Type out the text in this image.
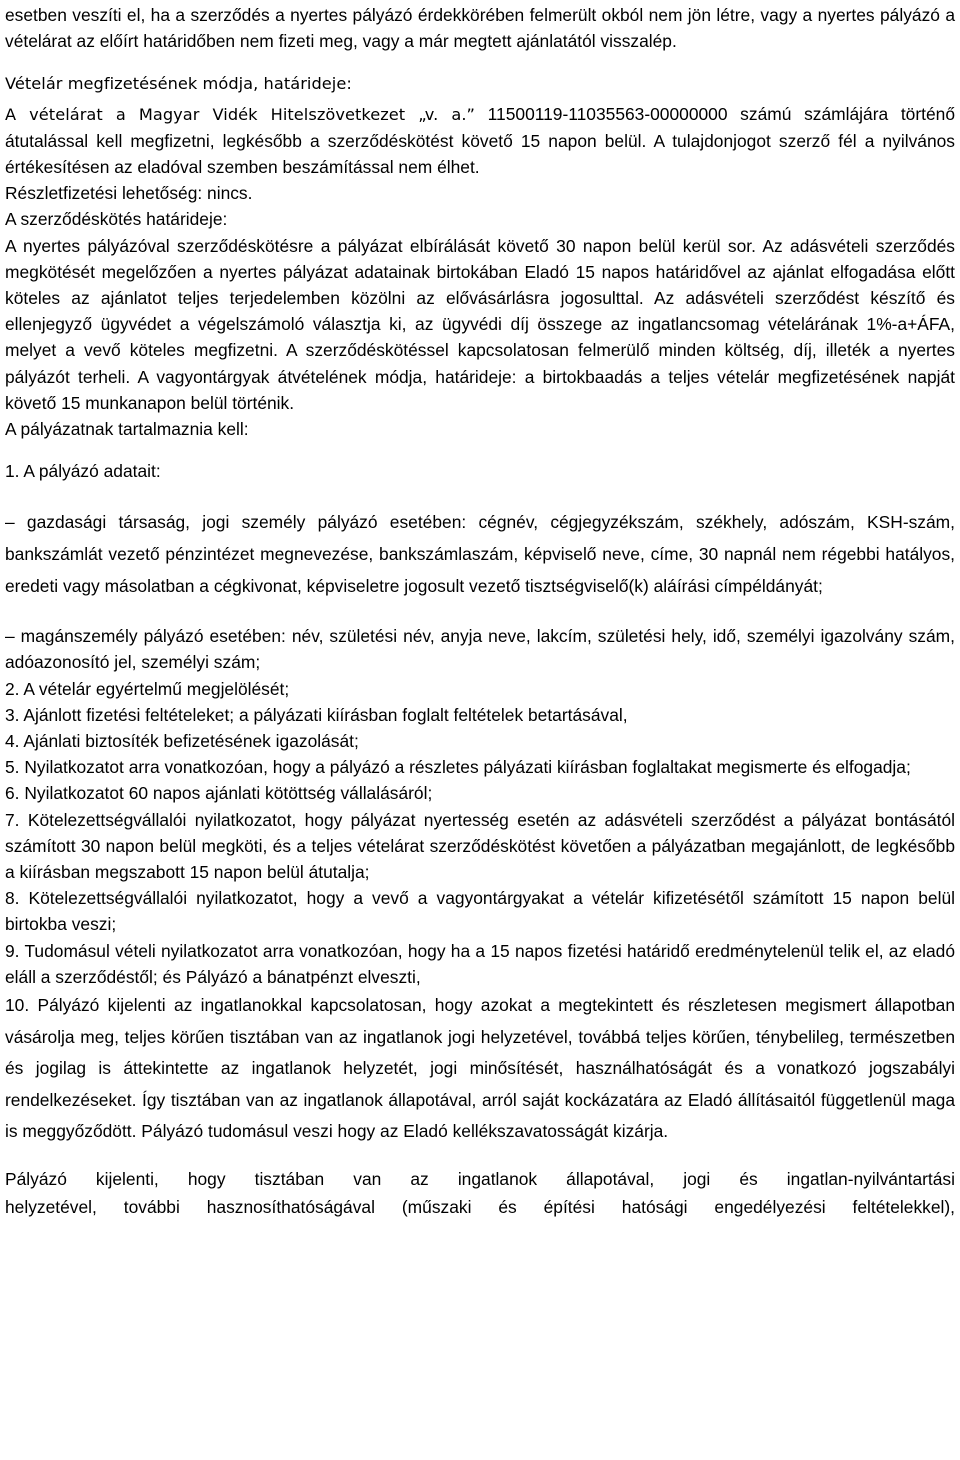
esetben veszíti el, ha a szerződés a nyertes pályázó érdekkörében felmerült okból nem jön létre, vagy a nyertes pályázó a vételárat az előírt határidőben nem fizeti meg, vagy a már megtett ajánlatától visszalép.

Vételár megfizetésének módja, határideje:

A vételárat a Magyar Vidék Hitelszövetkezet „v. a.” 11500119-11035563-00000000 számú számlájára történő átutalással kell megfizetni, legkésőbb a szerződéskötést követő 15 napon belül. A tulajdonjogot szerző fél a nyilvános értékesítésen az eladóval szemben beszámítással nem élhet.

Részletfizetési lehetőség: nincs.

A szerződéskötés határideje:

A nyertes pályázóval szerződéskötésre a pályázat elbírálását követő 30 napon belül kerül sor. Az adásvételi szerződés megkötését megelőzően a nyertes pályázat adatainak birtokában Eladó 15 napos határidővel az ajánlat elfogadása előtt köteles az ajánlatot teljes terjedelemben közölni az elővásárlásra jogosulttal. Az adásvételi szerződést készítő és ellenjegyző ügyvédet a végelszámoló választja ki, az ügyvédi díj összege az ingatlancsomag vételárának 1%-a+ÁFA, melyet a vevő köteles megfizetni. A szerződéskötéssel kapcsolatosan felmerülő minden költség, díj, illeték a nyertes pályázót terheli. A vagyontárgyak átvételének módja, határideje: a birtokbaadás a teljes vételár megfizetésének napját követő 15 munkanapon belül történik.

A pályázatnak tartalmaznia kell:

1. A pályázó adatait:

– gazdasági társaság, jogi személy pályázó esetében: cégnév, cégjegyzékszám, székhely, adószám, KSH-szám, bankszámlát vezető pénzintézet megnevezése, bankszámlaszám, képviselő neve, címe, 30 napnál nem régebbi hatályos, eredeti vagy másolatban a cégkivonat, képviseletre jogosult vezető tisztségviselő(k) aláírási címpéldányát;

– magánszemély pályázó esetében: név, születési név, anyja neve, lakcím, születési hely, idő, személyi igazolvány szám, adóazonosító jel, személyi szám;

2. A vételár egyértelmű megjelölését;

3. Ajánlott fizetési feltételeket; a pályázati kiírásban foglalt feltételek betartásával,

4. Ajánlati biztosíték befizetésének igazolását;

5. Nyilatkozatot arra vonatkozóan, hogy a pályázó a részletes pályázati kiírásban foglaltakat megismerte és elfogadja;

6. Nyilatkozatot 60 napos ajánlati kötöttség vállalásáról;

7. Kötelezettségvállalói nyilatkozatot, hogy pályázat nyertesség esetén az adásvételi szerződést a pályázat bontásától számított 30 napon belül megköti, és a teljes vételárat szerződéskötést követően a pályázatban megajánlott, de legkésőbb a kiírásban megszabott 15 napon belül átutalja;

8. Kötelezettségvállalói nyilatkozatot, hogy a vevő a vagyontárgyakat a vételár kifizetésétől számított 15 napon belül birtokba veszi;

9. Tudomásul vételi nyilatkozatot arra vonatkozóan, hogy ha a 15 napos fizetési határidő eredménytelenül telik el, az eladó eláll a szerződéstől; és Pályázó a bánatpénzt elveszti,

10. Pályázó kijelenti az ingatlanokkal kapcsolatosan, hogy azokat a megtekintett és részletesen megismert állapotban vásárolja meg, teljes körűen tisztában van az ingatlanok jogi helyzetével, továbbá teljes körűen, ténybelileg, természetben és jogilag is áttekintette az ingatlanok helyzetét, jogi minősítését, használhatóságát és a vonatkozó jogszabályi rendelkezéseket. Így tisztában van az ingatlanok állapotával, arról saját kockázatára az Eladó állításaitól függetlenül maga is meggyőződött. Pályázó tudomásul veszi hogy az Eladó kellékszavatosságát kizárja.

Pályázó kijelenti, hogy tisztában van az ingatlanok állapotával, jogi és ingatlan-nyilvántartási
helyzetével, további hasznosíthatóságával (műszaki és építési hatósági engedélyezési feltételekkel),
